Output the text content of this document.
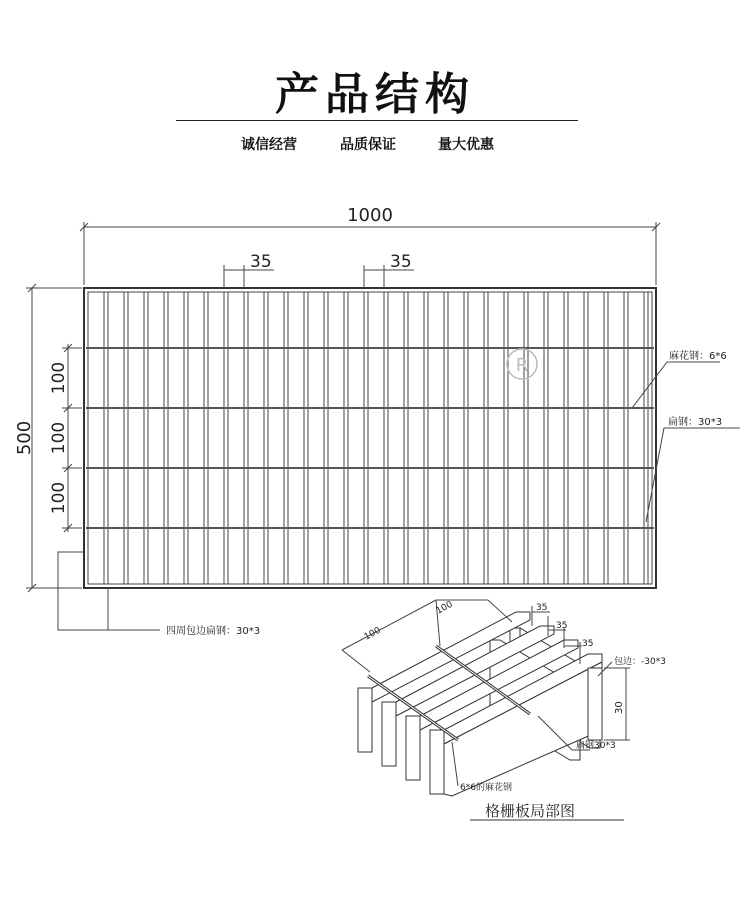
产品结构
诚信经营	品质保证	量大优惠
R
1000
35	35
500
100
100
100
麻花钢：6*6
扁钢：30*3
四周包边扁钢：30*3	100
100	35
35
35
包边：-30*3
30
扁钢30*3
6*6的麻花钢
格栅板局部图
